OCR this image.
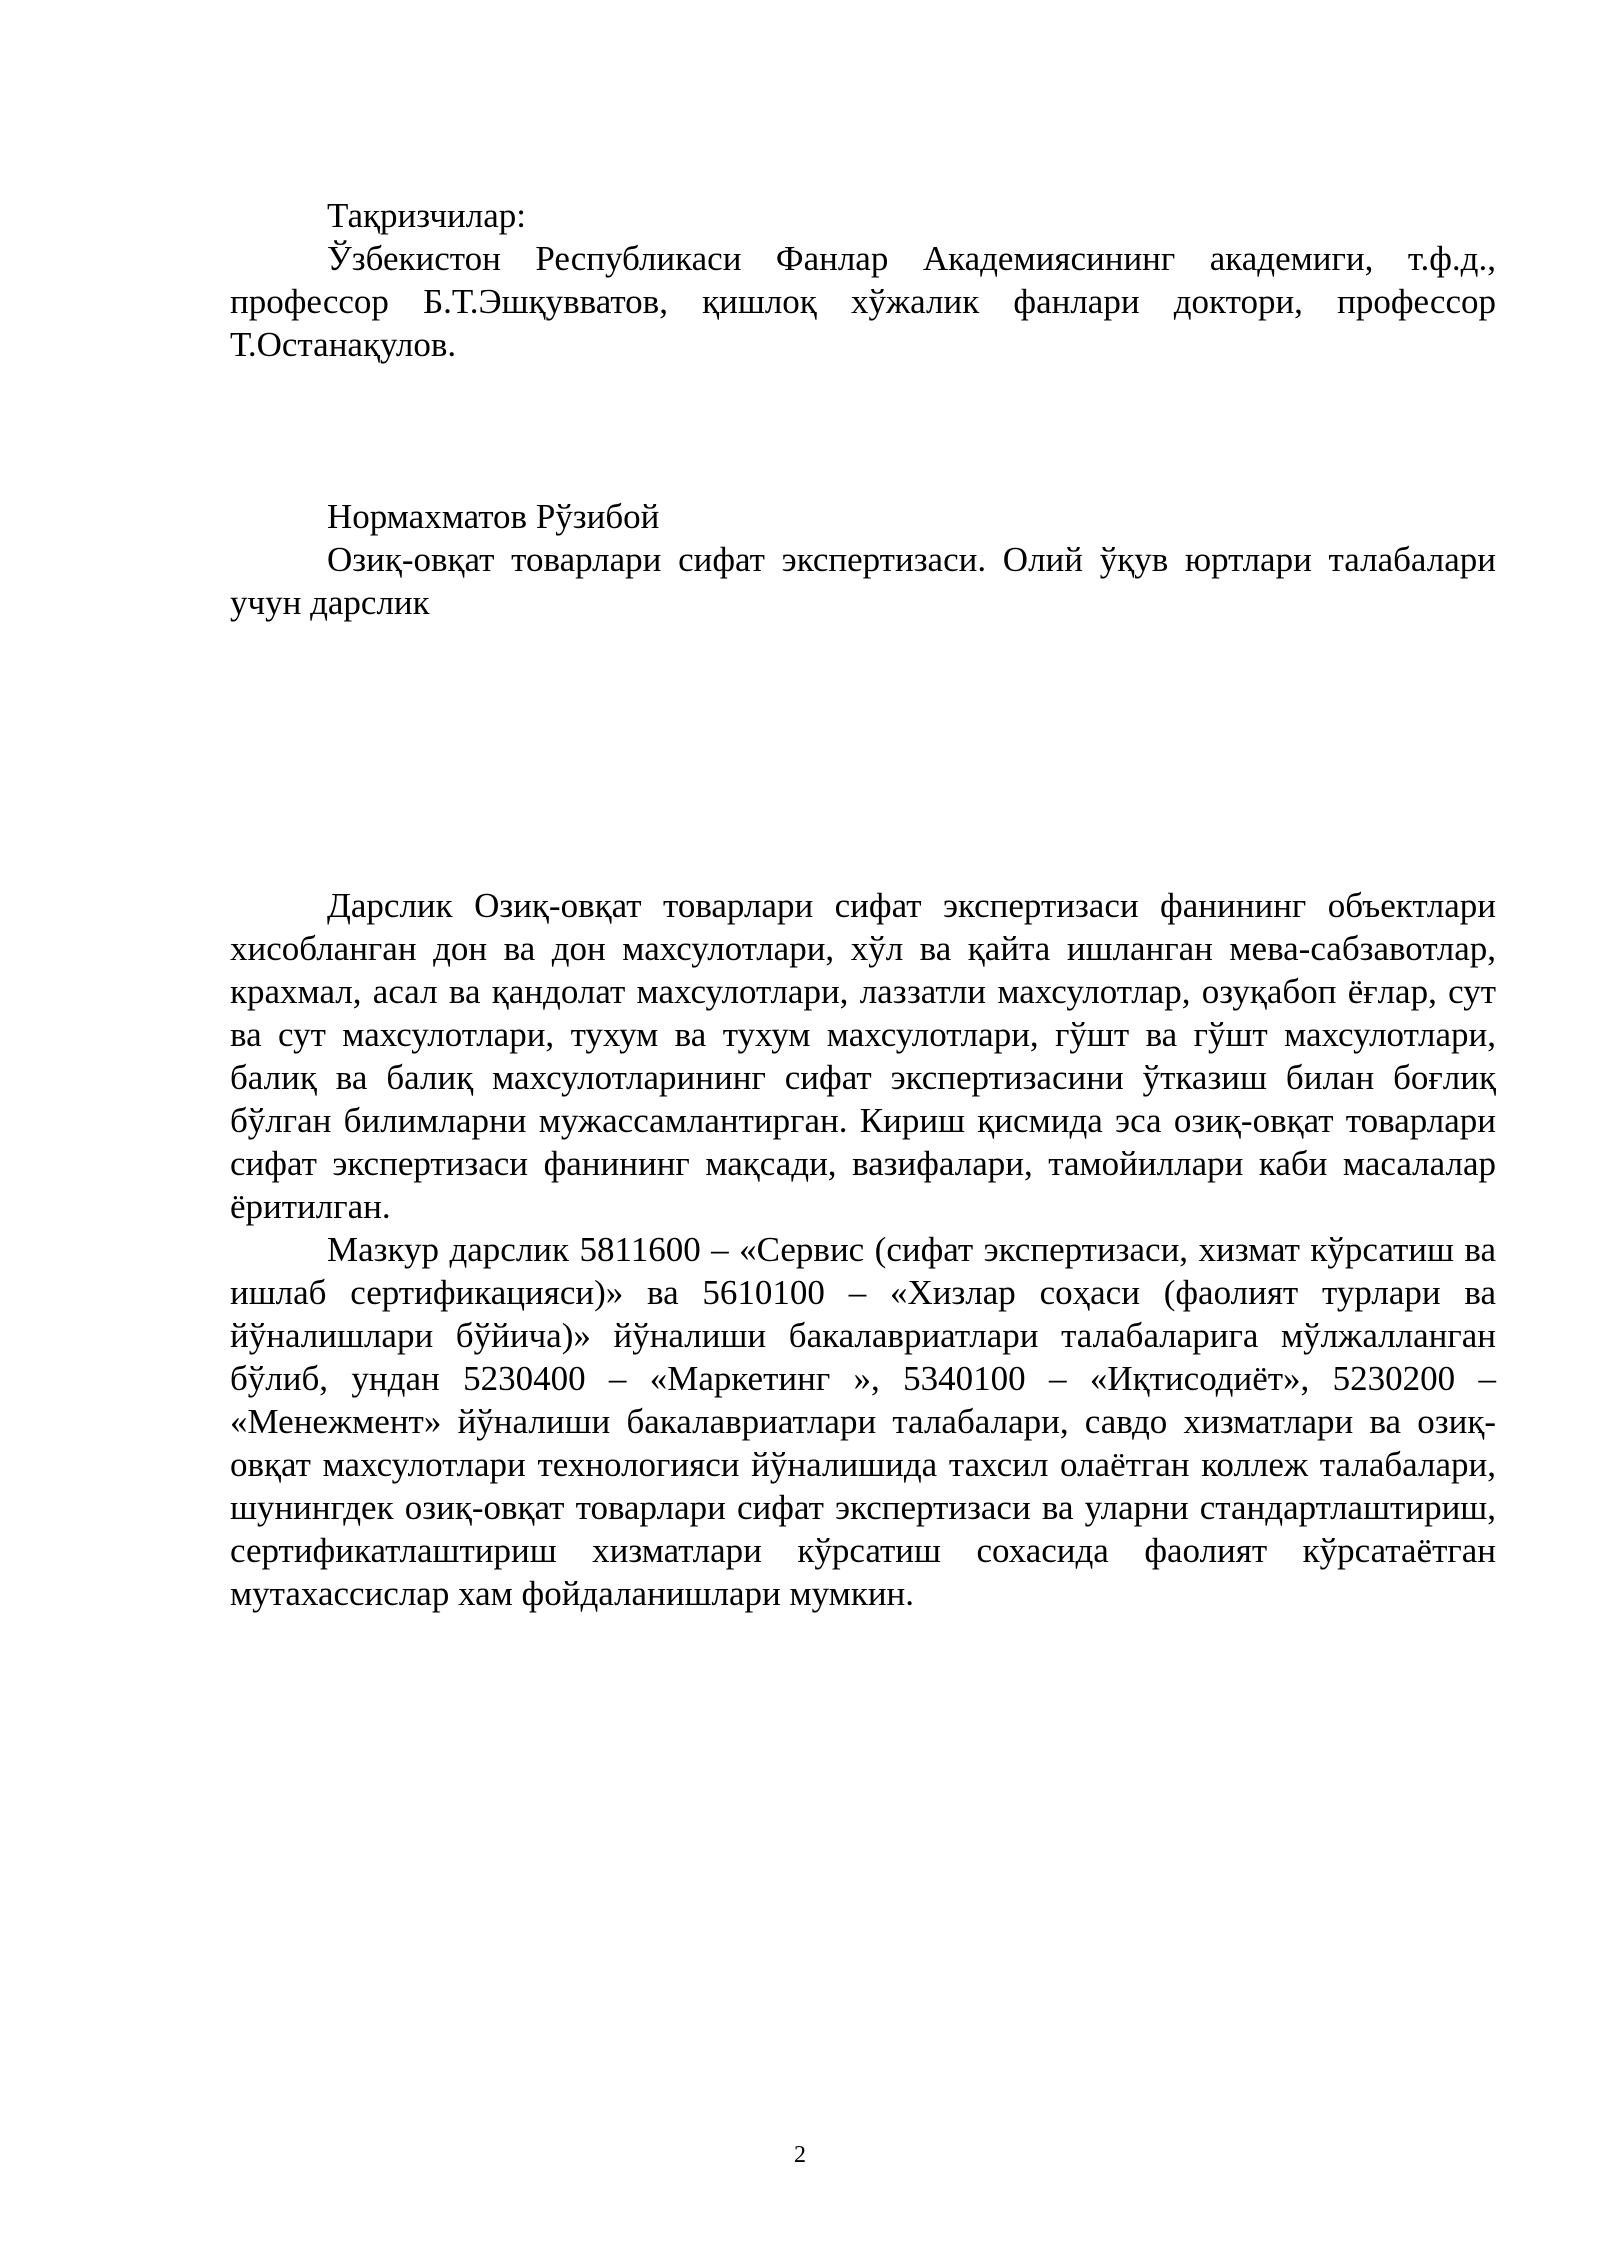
Тақризчилар:

Ўзбекистон Республикаси Фанлар Академиясининг академиги, т.ф.д., профессор Б.Т.Эшқувватов, қишлоқ хўжалик фанлари доктори, профессор Т.Останақулов.

Нормахматов Рўзибой

Озиқ-овқат товарлари сифат экспертизаси. Олий ўқув юртлари талабалари учун дарслик

Дарслик Озиқ-овқат товарлари сифат экспертизаси фанининг объектлари хисобланган дон ва дон махсулотлари, хўл ва қайта ишланган мева-сабзавотлар, крахмал, асал ва қандолат махсулотлари, лаззатли махсулотлар, озуқабоп ёғлар, сут ва сут махсулотлари, тухум ва тухум махсулотлари, гўшт ва гўшт махсулотлари, балиқ ва балиқ махсулотларининг сифат экспертизасини ўтказиш билан боғлиқ бўлган билимларни мужассамлантирган. Кириш қисмида эса озиқ-овқат товарлари сифат экспертизаси фанининг мақсади, вазифалари, тамойиллари каби масалалар ёритилган.

Мазкур дарслик 5811600 – «Сервис (сифат экспертизаси, хизмат кўрсатиш ва ишлаб сертификацияси)» ва 5610100 – «Хизлар соҳаси (фаолият турлари ва йўналишлари бўйича)» йўналиши бакалавриатлари талабаларига мўлжалланган бўлиб, ундан 5230400 – «Маркетинг », 5340100 – «Иқтисодиёт», 5230200 – «Менежмент» йўналиши бакалавриатлари талабалари, савдо хизматлари ва озиқ-овқат махсулотлари технологияси йўналишида тахсил олаётган коллеж талабалари, шунингдек озиқ-овқат товарлари сифат экспертизаси ва уларни стандартлаштириш, сертификатлаштириш хизматлари кўрсатиш сохасида фаолият кўрсатаётган мутахассислар хам фойдаланишлари мумкин.

2
